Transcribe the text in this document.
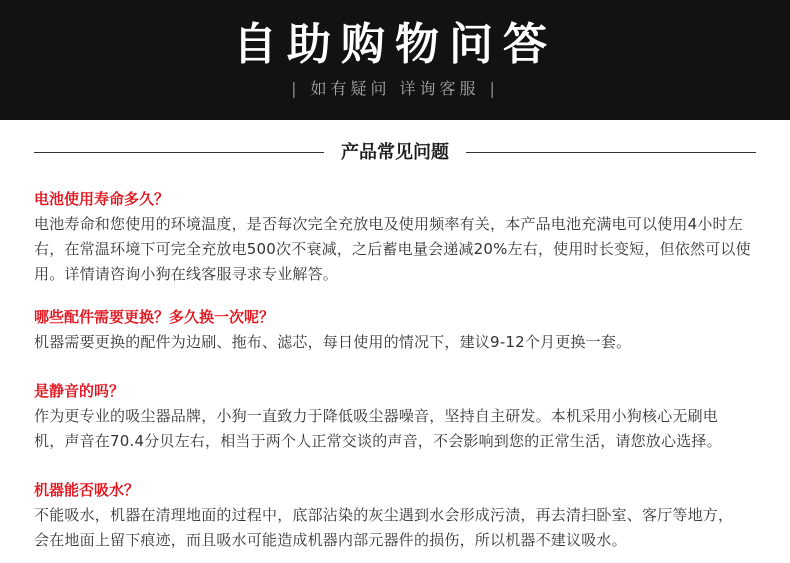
自助购物问答
| 如有疑问 详询客服 |
产品常见问题
电池使用寿命多久？
电池寿命和您使用的环境温度，是否每次完全充放电及使用频率有关，本产品电池充满电可以使用4小时左
右，在常温环境下可完全充放电500次不衰减，之后蓄电量会递减20%左右，使用时长变短，但依然可以使
用。详情请咨询小狗在线客服寻求专业解答。
哪些配件需要更换？多久换一次呢？
机器需要更换的配件为边刷、拖布、滤芯，每日使用的情况下，建议9-12个月更换一套。
是静音的吗？
作为更专业的吸尘器品牌，小狗一直致力于降低吸尘器噪音，坚持自主研发。本机采用小狗核心无刷电
机，声音在70.4分贝左右，相当于两个人正常交谈的声音，不会影响到您的正常生活，请您放心选择。
机器能否吸水？
不能吸水，机器在清理地面的过程中，底部沾染的灰尘遇到水会形成污渍，再去清扫卧室、客厅等地方，
会在地面上留下痕迹，而且吸水可能造成机器内部元器件的损伤，所以机器不建议吸水。
